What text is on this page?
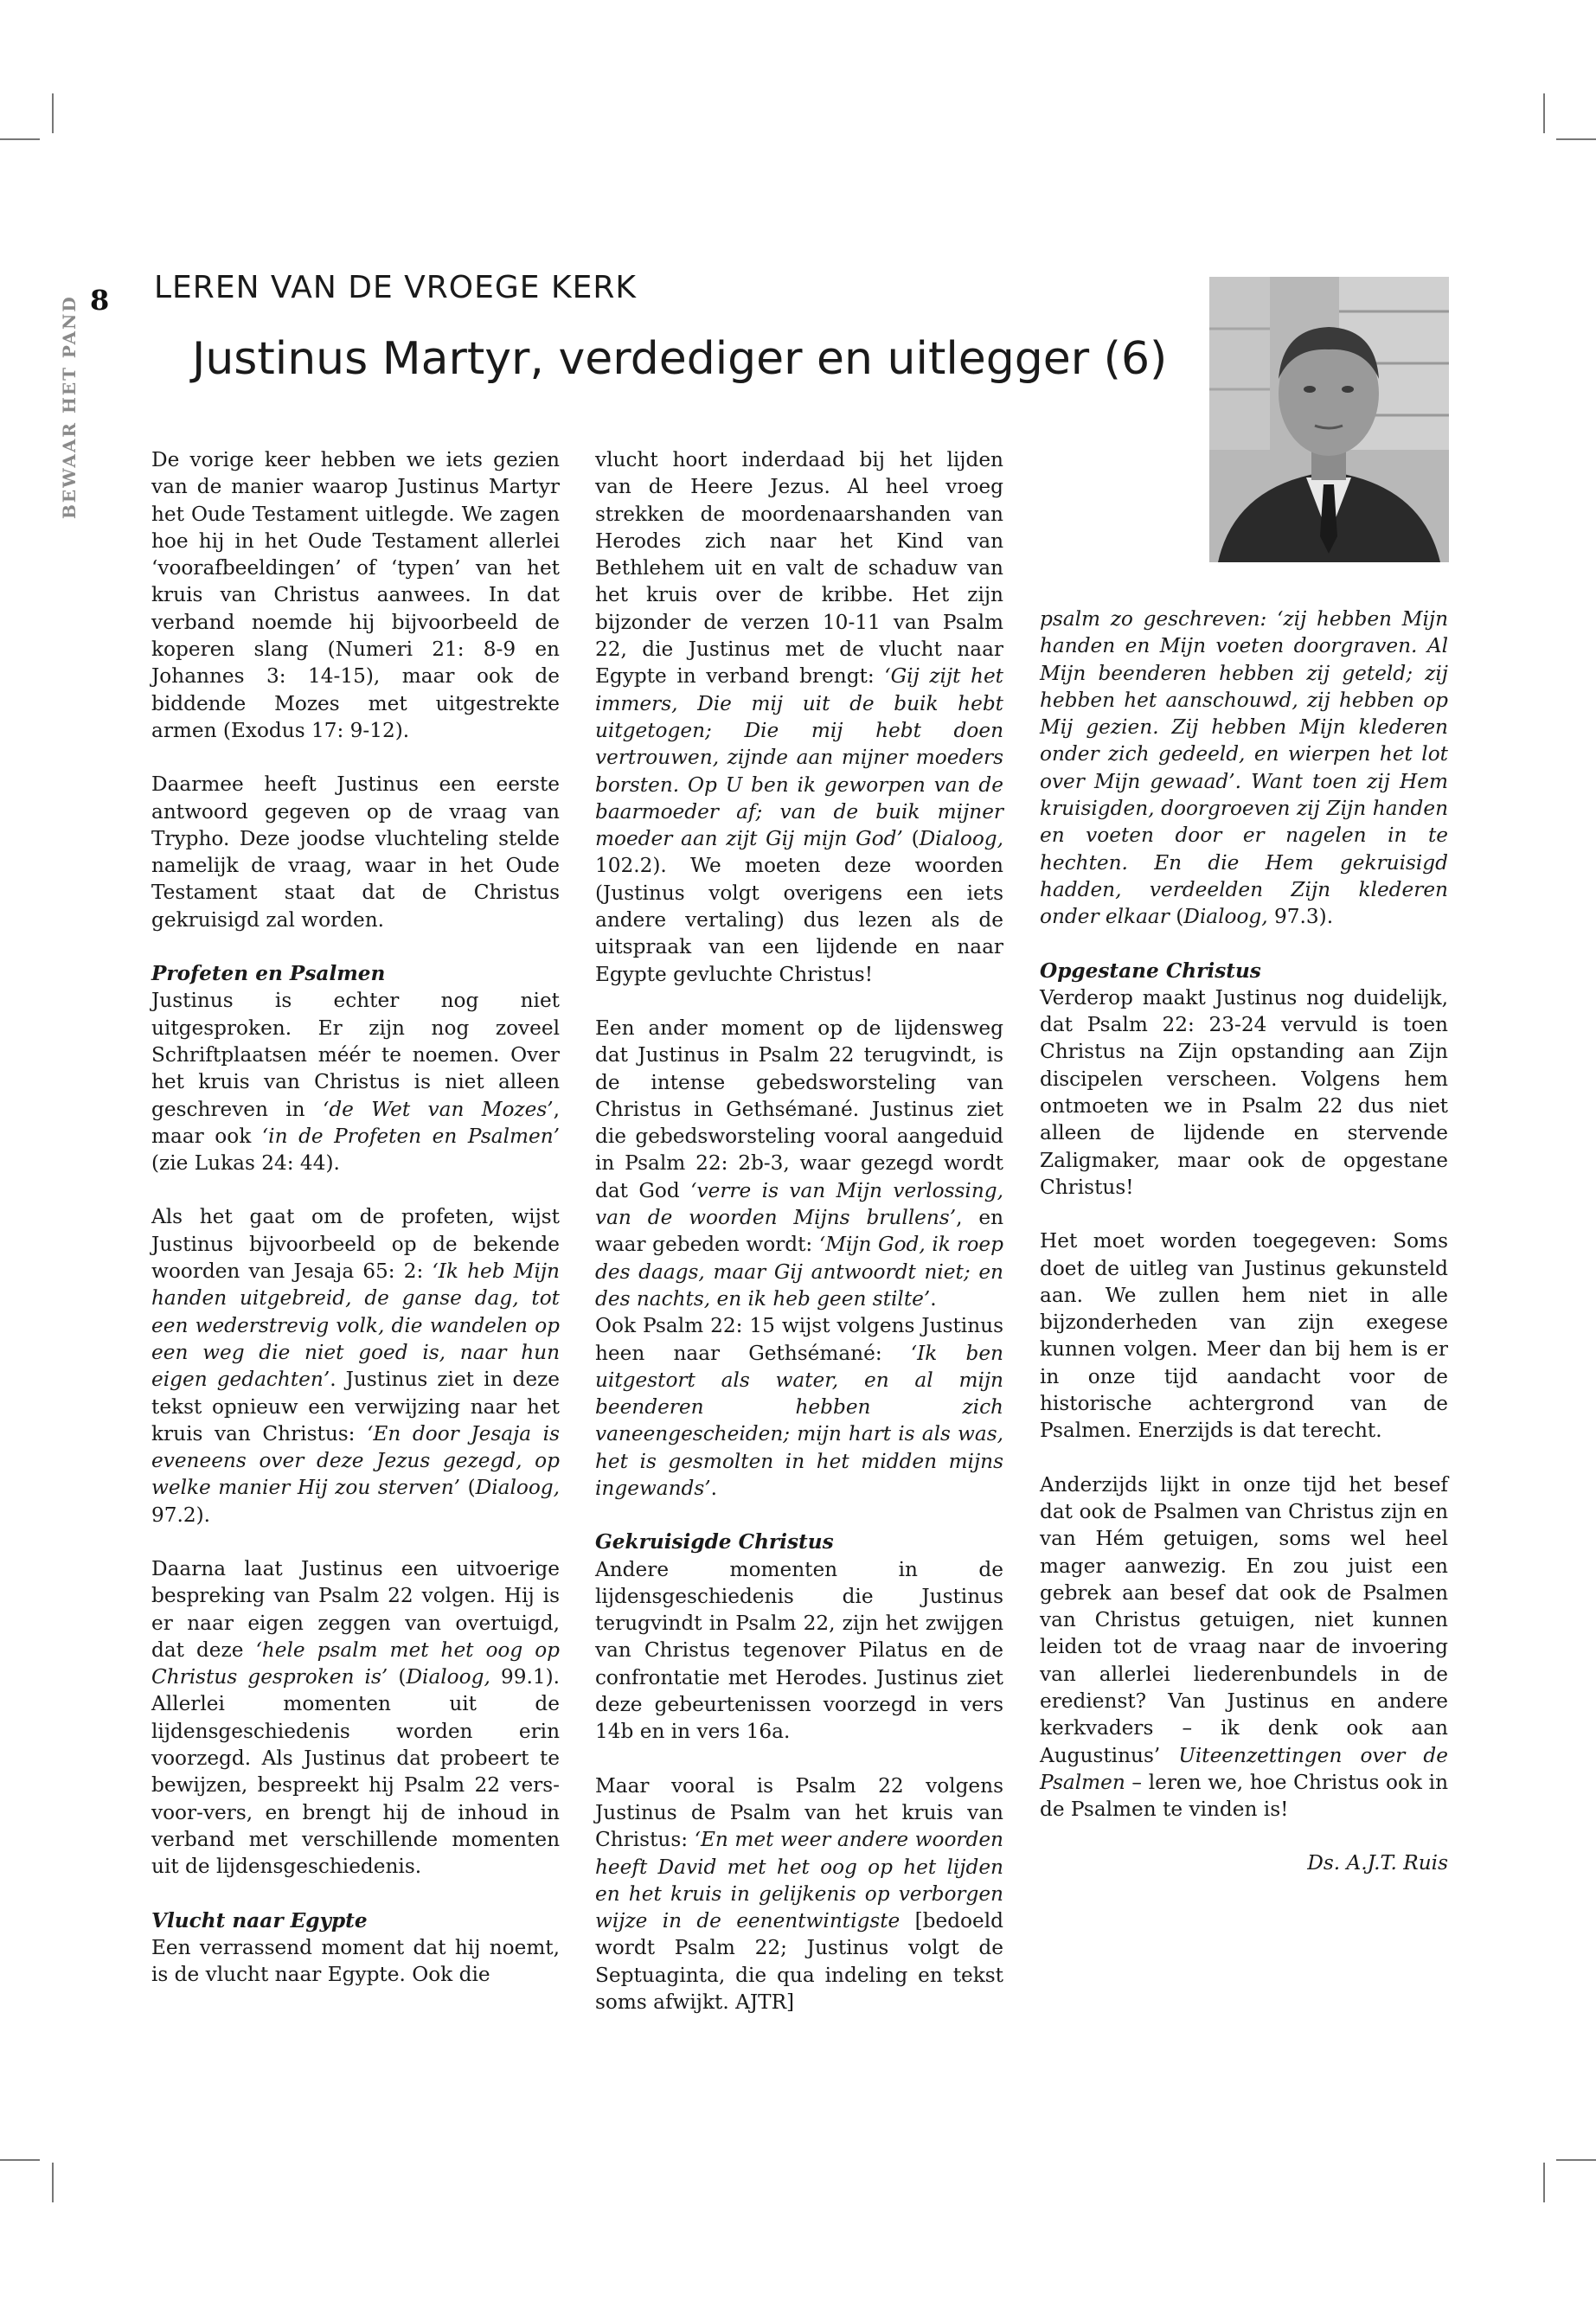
8
BEWAAR HET PAND
LEREN VAN DE VROEGE KERK
Justinus Martyr, verdediger en uitlegger (6)

De vorige keer hebben we iets gezien van de manier waarop Justinus Martyr het Oude Testament uitlegde. We zagen hoe hij in het Oude Testament allerlei ‘voorafbeeldingen’ of ‘typen’ van het kruis van Christus aanwees. In dat verband noemde hij bijvoorbeeld de koperen slang (Numeri 21: 8-9 en Johannes 3: 14-15), maar ook de biddende Mozes met uitgestrekte armen (Exodus 17: 9-12).

Daarmee heeft Justinus een eerste antwoord gegeven op de vraag van Trypho. Deze joodse vluchteling stelde namelijk de vraag, waar in het Oude Testament staat dat de Christus gekruisigd zal worden.

Profeten en Psalmen

Justinus is echter nog niet uitgesproken. Er zijn nog zoveel Schriftplaatsen méér te noemen. Over het kruis van Christus is niet alleen geschreven in ‘de Wet van Mozes’, maar ook ‘in de Profeten en Psalmen’ (zie Lukas 24: 44).

Als het gaat om de profeten, wijst Justinus bijvoorbeeld op de bekende woorden van Jesaja 65: 2: ‘Ik heb Mijn handen uitgebreid, de ganse dag, tot een wederstrevig volk, die wandelen op een weg die niet goed is, naar hun eigen gedachten’. Justinus ziet in deze tekst opnieuw een verwijzing naar het kruis van Christus: ‘En door Jesaja is eveneens over deze Jezus gezegd, op welke manier Hij zou sterven’ (Dialoog, 97.2).

Daarna laat Justinus een uitvoerige bespreking van Psalm 22 volgen. Hij is er naar eigen zeggen van overtuigd, dat deze ‘hele psalm met het oog op Christus gesproken is’ (Dialoog, 99.1). Allerlei momenten uit de lijdensgeschiedenis worden erin voorzegd. Als Justinus dat probeert te bewijzen, bespreekt hij Psalm 22 vers-voor-vers, en brengt hij de inhoud in verband met verschillende momenten uit de lijdensgeschiedenis.

Vlucht naar Egypte

Een verrassend moment dat hij noemt, is de vlucht naar Egypte. Ook die

vlucht hoort inderdaad bij het lijden van de Heere Jezus. Al heel vroeg strekken de moordenaarshanden van Herodes zich naar het Kind van Bethlehem uit en valt de schaduw van het kruis over de kribbe. Het zijn bijzonder de verzen 10-11 van Psalm 22, die Justinus met de vlucht naar Egypte in verband brengt: ‘Gij zijt het immers, Die mij uit de buik hebt uitgetogen; Die mij hebt doen vertrouwen, zijnde aan mijner moeders borsten. Op U ben ik geworpen van de baarmoeder af; van de buik mijner moeder aan zijt Gij mijn God’ (Dialoog, 102.2). We moeten deze woorden (Justinus volgt overigens een iets andere vertaling) dus lezen als de uitspraak van een lijdende en naar Egypte gevluchte Christus!

Een ander moment op de lijdensweg dat Justinus in Psalm 22 terugvindt, is de intense gebedsworsteling van Christus in Gethsémané. Justinus ziet die gebedsworsteling vooral aangeduid in Psalm 22: 2b-3, waar gezegd wordt dat God ‘verre is van Mijn verlossing, van de woorden Mijns brullens’, en waar gebeden wordt: ‘Mijn God, ik roep des daags, maar Gij antwoordt niet; en des nachts, en ik heb geen stilte’.

Ook Psalm 22: 15 wijst volgens Justinus heen naar Gethsémané: ‘Ik ben uitgestort als water, en al mijn beenderen hebben zich vaneengescheiden; mijn hart is als was, het is gesmolten in het midden mijns ingewands’.

Gekruisigde Christus

Andere momenten in de lijdensgeschiedenis die Justinus terugvindt in Psalm 22, zijn het zwijgen van Christus tegenover Pilatus en de confrontatie met Herodes. Justinus ziet deze gebeurtenissen voorzegd in vers 14b en in vers 16a.

Maar vooral is Psalm 22 volgens Justinus de Psalm van het kruis van Christus: ‘En met weer andere woorden heeft David met het oog op het lijden en het kruis in gelijkenis op verborgen wijze in de eenentwintigste [bedoeld wordt Psalm 22; Justinus volgt de Septuaginta, die qua indeling en tekst soms afwijkt. AJTR]

psalm zo geschreven: ‘zij hebben Mijn handen en Mijn voeten doorgraven. Al Mijn beenderen hebben zij geteld; zij hebben het aanschouwd, zij hebben op Mij gezien. Zij hebben Mijn klederen onder zich gedeeld, en wierpen het lot over Mijn gewaad’. Want toen zij Hem kruisigden, doorgroeven zij Zijn handen en voeten door er nagelen in te hechten. En die Hem gekruisigd hadden, verdeelden Zijn klederen onder elkaar (Dialoog, 97.3).

Opgestane Christus

Verderop maakt Justinus nog duidelijk, dat Psalm 22: 23-24 vervuld is toen Christus na Zijn opstanding aan Zijn discipelen verscheen. Volgens hem ontmoeten we in Psalm 22 dus niet alleen de lijdende en stervende Zaligmaker, maar ook de opgestane Christus!

Het moet worden toegegeven: Soms doet de uitleg van Justinus gekunsteld aan. We zullen hem niet in alle bijzonderheden van zijn exegese kunnen volgen. Meer dan bij hem is er in onze tijd aandacht voor de historische achtergrond van de Psalmen. Enerzijds is dat terecht.

Anderzijds lijkt in onze tijd het besef dat ook de Psalmen van Christus zijn en van Hém getuigen, soms wel heel mager aanwezig. En zou juist een gebrek aan besef dat ook de Psalmen van Christus getuigen, niet kunnen leiden tot de vraag naar de invoering van allerlei liederenbundels in de eredienst? Van Justinus en andere kerkvaders – ik denk ook aan Augustinus’ Uiteenzettingen over de Psalmen – leren we, hoe Christus ook in de Psalmen te vinden is!

Ds. A.J.T. Ruis
